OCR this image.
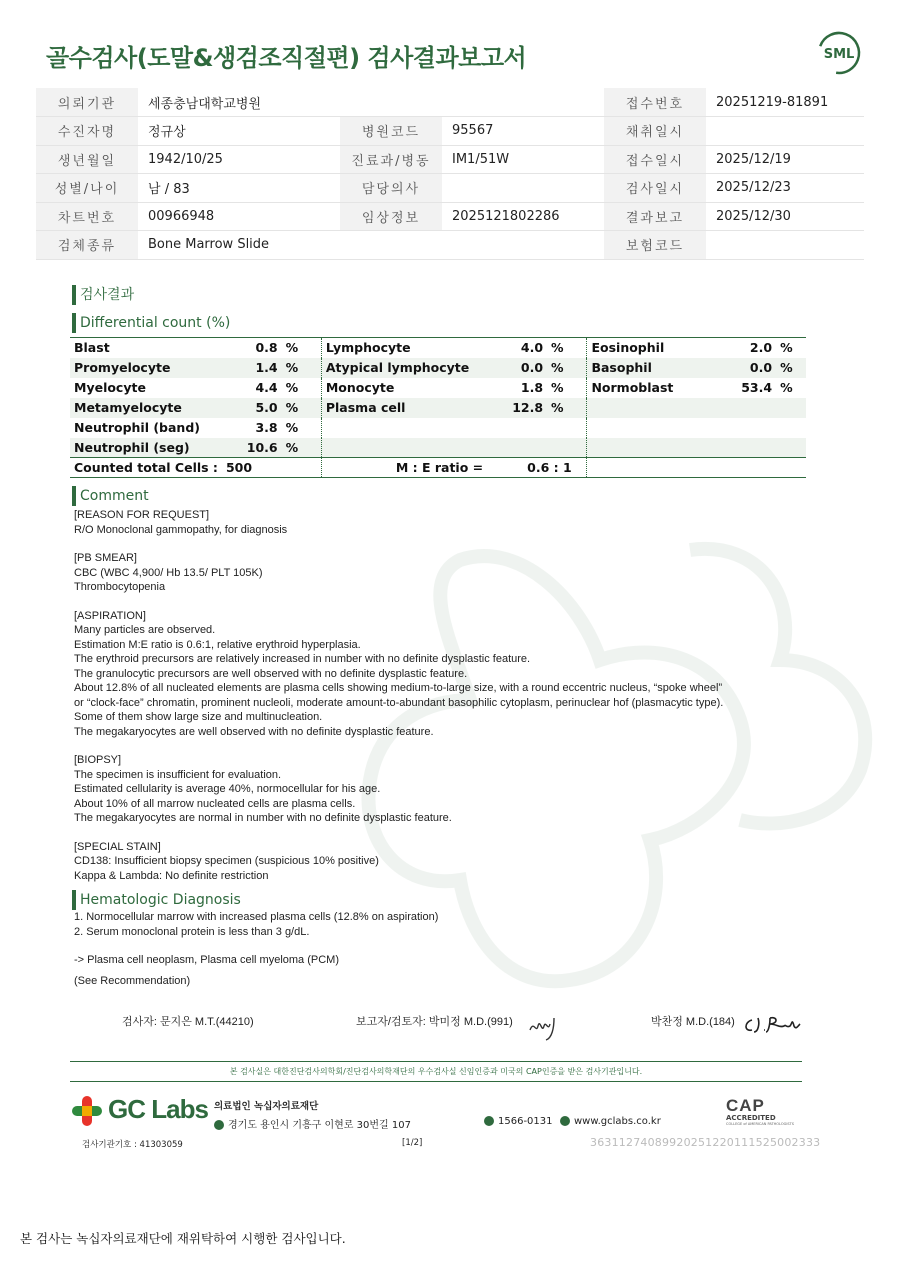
골수검사(도말&생검조직절편) 검사결과보고서	SML
의뢰기관	세종충남대학교병원			접수번호	20251219-81891
수진자명	정규상	병원코드	95567	채취일시	
생년월일	1942/10/25	진료과/병동	IM1/51W	접수일시	2025/12/19
성별/나이	남 / 83	담당의사		검사일시	2025/12/23
차트번호	00966948	임상정보	2025121802286	결과보고	2025/12/30
검체종류	Bone Marrow Slide			보험코드	
검사결과
Differential count (%)
Blast	0.8	%	Lymphocyte	4.0	%	Eosinophil	2.0	%
Promyelocyte	1.4	%	Atypical lymphocyte	0.0	%	Basophil	0.0	%
Myelocyte	4.4	%	Monocyte	1.8	%	Normoblast	53.4	%
Metamyelocyte	5.0	%	Plasma cell	12.8	%			
Neutrophil (band)	3.8	%						
Neutrophil (seg)	10.6	%						
Counted total Cells :	500		M : E ratio =	0.6 : 1				
Comment
[REASON FOR REQUEST]
R/O Monoclonal gammopathy, for diagnosis
[PB SMEAR]
CBC (WBC 4,900/ Hb 13.5/ PLT 105K)
Thrombocytopenia
[ASPIRATION]
Many particles are observed.
Estimation M:E ratio is 0.6:1, relative erythroid hyperplasia.
The erythroid precursors are relatively increased in number with no definite dysplastic feature.
The granulocytic precursors are well observed with no definite dysplastic feature.
About 12.8% of all nucleated elements are plasma cells showing medium-to-large size, with a round eccentric nucleus, “spoke wheel”
or “clock-face” chromatin, prominent nucleoli, moderate amount-to-abundant basophilic cytoplasm, perinuclear hof (plasmacytic type).
Some of them show large size and multinucleation.
The megakaryocytes are well observed with no definite dysplastic feature.
[BIOPSY]
The specimen is insufficient for evaluation.
Estimated cellularity is average 40%, normocellular for his age.
About 10% of all marrow nucleated cells are plasma cells.
The megakaryocytes are normal in number with no definite dysplastic feature.
[SPECIAL STAIN]
CD138: Insufficient biopsy specimen (suspicious 10% positive)
Kappa & Lambda: No definite restriction
Hematologic Diagnosis
1. Normocellular marrow with increased plasma cells (12.8% on aspiration)
2. Serum monoclonal protein is less than 3 g/dL.
-> Plasma cell neoplasm, Plasma cell myeloma (PCM)
(See Recommendation)
검사자: 문지은 M.T.(44210)	보고자/검토자: 박미정 M.D.(991)	박찬정 M.D.(184)
본 검사실은 대한진단검사의학회/진단검사의학재단의 우수검사실 신임인증과 미국의 CAP인증을 받은 검사기관입니다.
GC Labs 의료법인 녹십자의료재단
경기도 용인시 기흥구 이현로 30번길 107	1566-0131	www.gclabs.co.kr
CAP
ACCREDITED
COLLEGE of AMERICAN PATHOLOGISTS
검사기관기호 : 41303059	[1/2]	36311274089920251220111525002333
본 검사는 녹십자의료재단에 재위탁하여 시행한 검사입니다.
